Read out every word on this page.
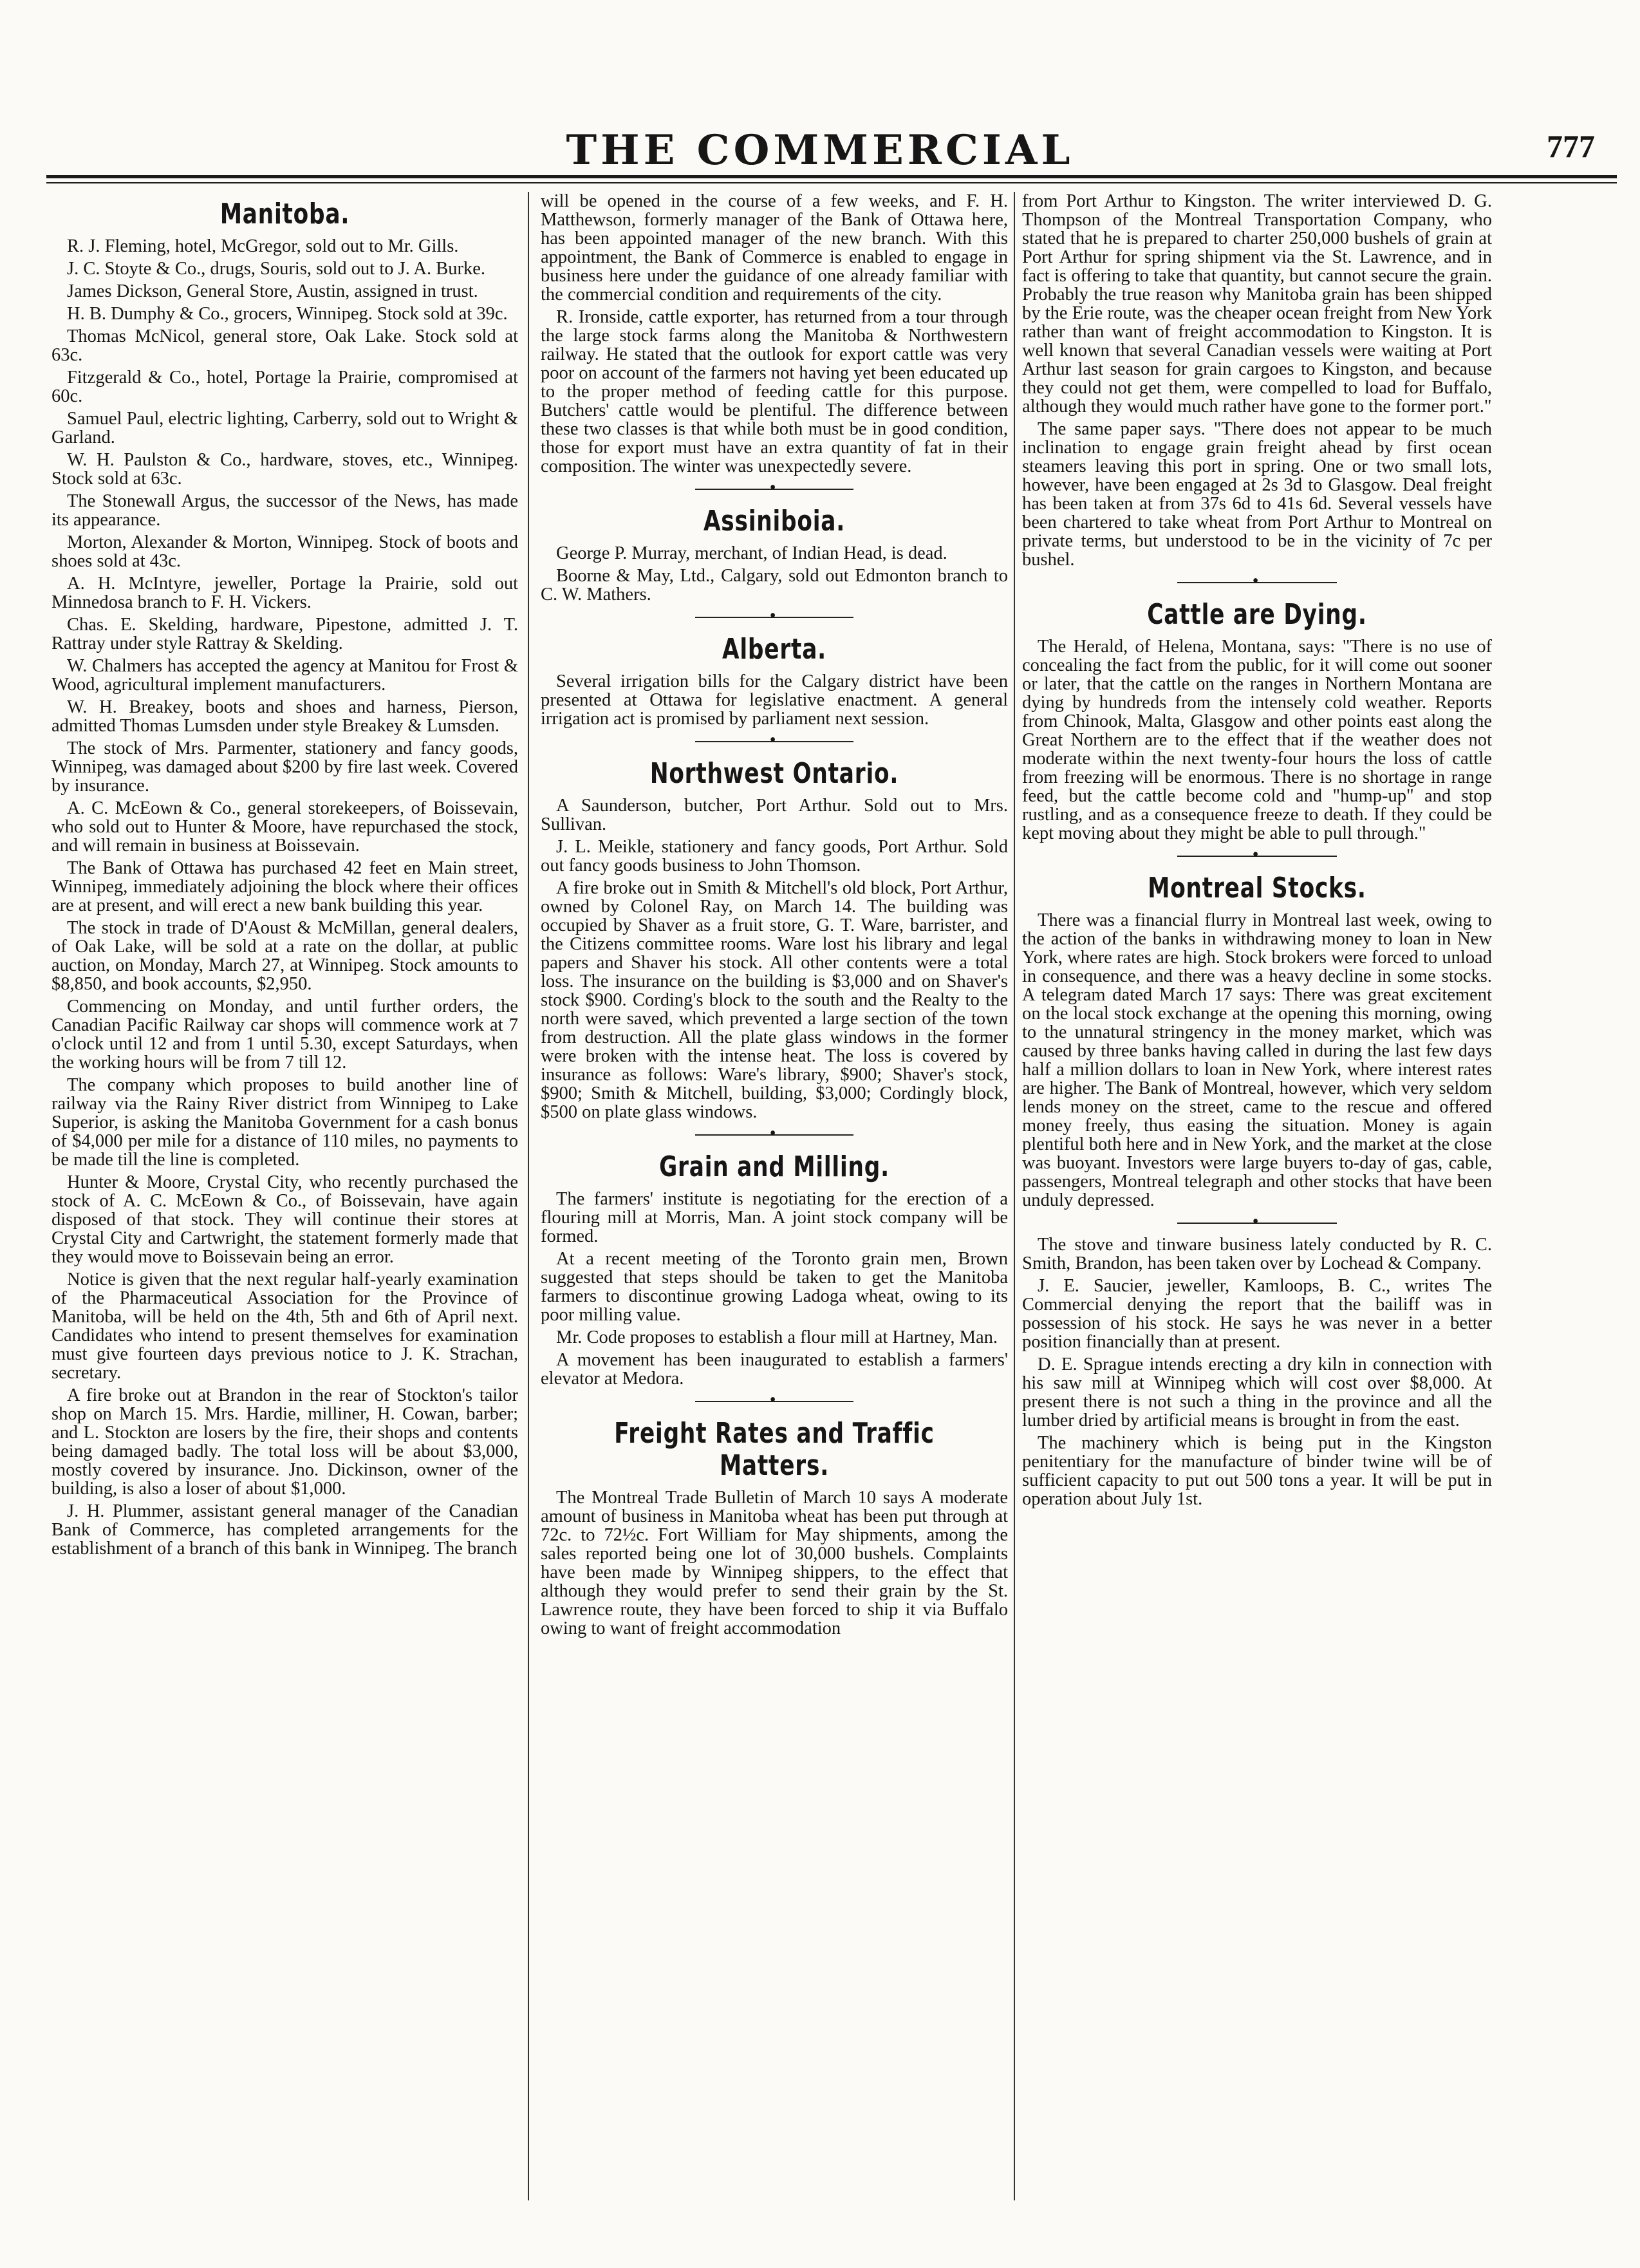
THE COMMERCIAL	777
Manitoba.

R. J. Fleming, hotel, McGregor, sold out to Mr. Gills.

J. C. Stoyte & Co., drugs, Souris, sold out to J. A. Burke.

James Dickson, General Store, Austin, assigned in trust.

H. B. Dumphy & Co., grocers, Winnipeg. Stock sold at 39c.

Thomas McNicol, general store, Oak Lake. Stock sold at 63c.

Fitzgerald & Co., hotel, Portage la Prairie, compromised at 60c.

Samuel Paul, electric lighting, Carberry, sold out to Wright & Garland.

W. H. Paulston & Co., hardware, stoves, etc., Winnipeg. Stock sold at 63c.

The Stonewall Argus, the successor of the News, has made its appearance.

Morton, Alexander & Morton, Winnipeg. Stock of boots and shoes sold at 43c.

A. H. McIntyre, jeweller, Portage la Prairie, sold out Minnedosa branch to F. H. Vickers.

Chas. E. Skelding, hardware, Pipestone, admitted J. T. Rattray under style Rattray & Skelding.

W. Chalmers has accepted the agency at Manitou for Frost & Wood, agricultural implement manufacturers.

W. H. Breakey, boots and shoes and harness, Pierson, admitted Thomas Lumsden under style Breakey & Lumsden.

The stock of Mrs. Parmenter, stationery and fancy goods, Winnipeg, was damaged about $200 by fire last week. Covered by insurance.

A. C. McEown & Co., general storekeepers, of Boissevain, who sold out to Hunter & Moore, have repurchased the stock, and will remain in business at Boissevain.

The Bank of Ottawa has purchased 42 feet en Main street, Winnipeg, immediately adjoining the block where their offices are at present, and will erect a new bank building this year.

The stock in trade of D'Aoust & McMillan, general dealers, of Oak Lake, will be sold at a rate on the dollar, at public auction, on Monday, March 27, at Winnipeg. Stock amounts to $8,850, and book accounts, $2,950.

Commencing on Monday, and until further orders, the Canadian Pacific Railway car shops will commence work at 7 o'clock until 12 and from 1 until 5.30, except Saturdays, when the working hours will be from 7 till 12.

The company which proposes to build another line of railway via the Rainy River district from Winnipeg to Lake Superior, is asking the Manitoba Government for a cash bonus of $4,000 per mile for a distance of 110 miles, no payments to be made till the line is completed.

Hunter & Moore, Crystal City, who recently purchased the stock of A. C. McEown & Co., of Boissevain, have again disposed of that stock. They will continue their stores at Crystal City and Cartwright, the statement formerly made that they would move to Boissevain being an error.

Notice is given that the next regular half-yearly examination of the Pharmaceutical Association for the Province of Manitoba, will be held on the 4th, 5th and 6th of April next. Candidates who intend to present themselves for examination must give fourteen days previous notice to J. K. Strachan, secretary.

A fire broke out at Brandon in the rear of Stockton's tailor shop on March 15. Mrs. Hardie, milliner, H. Cowan, barber; and L. Stockton are losers by the fire, their shops and contents being damaged badly. The total loss will be about $3,000, mostly covered by insurance. Jno. Dickinson, owner of the building, is also a loser of about $1,000.

J. H. Plummer, assistant general manager of the Canadian Bank of Commerce, has completed arrangements for the establishment of a branch of this bank in Winnipeg. The branch

will be opened in the course of a few weeks, and F. H. Matthewson, formerly manager of the Bank of Ottawa here, has been appointed manager of the new branch. With this appointment, the Bank of Commerce is enabled to engage in business here under the guidance of one already familiar with the commercial condition and requirements of the city.

R. Ironside, cattle exporter, has returned from a tour through the large stock farms along the Manitoba & Northwestern railway. He stated that the outlook for export cattle was very poor on account of the farmers not having yet been educated up to the proper method of feeding cattle for this purpose. Butchers' cattle would be plentiful. The difference between these two classes is that while both must be in good condition, those for export must have an extra quantity of fat in their composition. The winter was unexpectedly severe.

•
Assiniboia.

George P. Murray, merchant, of Indian Head, is dead.

Boorne & May, Ltd., Calgary, sold out Edmonton branch to C. W. Mathers.

•
Alberta.

Several irrigation bills for the Calgary district have been presented at Ottawa for legislative enactment. A general irrigation act is promised by parliament next session.

•
Northwest Ontario.

A Saunderson, butcher, Port Arthur. Sold out to Mrs. Sullivan.

J. L. Meikle, stationery and fancy goods, Port Arthur. Sold out fancy goods business to John Thomson.

A fire broke out in Smith & Mitchell's old block, Port Arthur, owned by Colonel Ray, on March 14. The building was occupied by Shaver as a fruit store, G. T. Ware, barrister, and the Citizens committee rooms. Ware lost his library and legal papers and Shaver his stock. All other contents were a total loss. The insurance on the building is $3,000 and on Shaver's stock $900. Cording's block to the south and the Realty to the north were saved, which prevented a large section of the town from destruction. All the plate glass windows in the former were broken with the intense heat. The loss is covered by insurance as follows: Ware's library, $900; Shaver's stock, $900; Smith & Mitchell, building, $3,000; Cordingly block, $500 on plate glass windows.

•
Grain and Milling.

The farmers' institute is negotiating for the erection of a flouring mill at Morris, Man. A joint stock company will be formed.

At a recent meeting of the Toronto grain men, Brown suggested that steps should be taken to get the Manitoba farmers to discontinue growing Ladoga wheat, owing to its poor milling value.

Mr. Code proposes to establish a flour mill at Hartney, Man.

A movement has been inaugurated to establish a farmers' elevator at Medora.

•
Freight Rates and Traffic Matters.

The Montreal Trade Bulletin of March 10 says A moderate amount of business in Manitoba wheat has been put through at 72c. to 72½c. Fort William for May shipments, among the sales reported being one lot of 30,000 bushels. Complaints have been made by Winnipeg shippers, to the effect that although they would prefer to send their grain by the St. Lawrence route, they have been forced to ship it via Buffalo owing to want of freight accommodation

from Port Arthur to Kingston. The writer interviewed D. G. Thompson of the Montreal Transportation Company, who stated that he is prepared to charter 250,000 bushels of grain at Port Arthur for spring shipment via the St. Lawrence, and in fact is offering to take that quantity, but cannot secure the grain. Probably the true reason why Manitoba grain has been shipped by the Erie route, was the cheaper ocean freight from New York rather than want of freight accommodation to Kingston. It is well known that several Canadian vessels were waiting at Port Arthur last season for grain cargoes to Kingston, and because they could not get them, were compelled to load for Buffalo, although they would much rather have gone to the former port."

The same paper says. "There does not appear to be much inclination to engage grain freight ahead by first ocean steamers leaving this port in spring. One or two small lots, however, have been engaged at 2s 3d to Glasgow. Deal freight has been taken at from 37s 6d to 41s 6d. Several vessels have been chartered to take wheat from Port Arthur to Montreal on private terms, but understood to be in the vicinity of 7c per bushel.

•
Cattle are Dying.

The Herald, of Helena, Montana, says: "There is no use of concealing the fact from the public, for it will come out sooner or later, that the cattle on the ranges in Northern Montana are dying by hundreds from the intensely cold weather. Reports from Chinook, Malta, Glasgow and other points east along the Great Northern are to the effect that if the weather does not moderate within the next twenty-four hours the loss of cattle from freezing will be enormous. There is no shortage in range feed, but the cattle become cold and "hump-up" and stop rustling, and as a consequence freeze to death. If they could be kept moving about they might be able to pull through."

•
Montreal Stocks.

There was a financial flurry in Montreal last week, owing to the action of the banks in withdrawing money to loan in New York, where rates are high. Stock brokers were forced to unload in consequence, and there was a heavy decline in some stocks. A telegram dated March 17 says: There was great excitement on the local stock exchange at the opening this morning, owing to the unnatural stringency in the money market, which was caused by three banks having called in during the last few days half a million dollars to loan in New York, where interest rates are higher. The Bank of Montreal, however, which very seldom lends money on the street, came to the rescue and offered money freely, thus easing the situation. Money is again plentiful both here and in New York, and the market at the close was buoyant. Investors were large buyers to-day of gas, cable, passengers, Montreal telegraph and other stocks that have been unduly depressed.

•

The stove and tinware business lately conducted by R. C. Smith, Brandon, has been taken over by Lochead & Company.

J. E. Saucier, jeweller, Kamloops, B. C., writes The Commercial denying the report that the bailiff was in possession of his stock. He says he was never in a better position financially than at present.

D. E. Sprague intends erecting a dry kiln in connection with his saw mill at Winnipeg which will cost over $8,000. At present there is not such a thing in the province and all the lumber dried by artificial means is brought in from the east.

The machinery which is being put in the Kingston penitentiary for the manufacture of binder twine will be of sufficient capacity to put out 500 tons a year. It will be put in operation about July 1st.
